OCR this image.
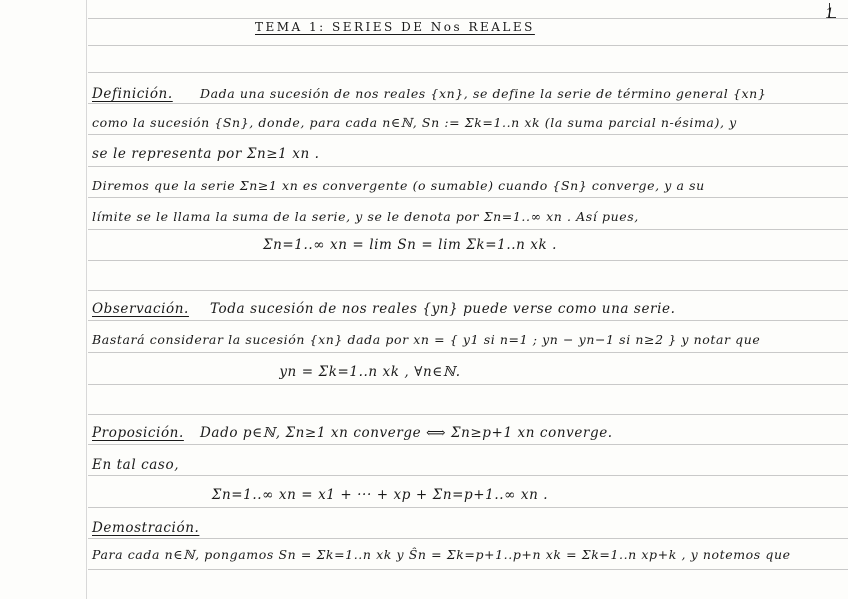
TEMA 1: SERIES DE Nos REALES
1
Definición. Dada una sucesión de nos reales {xn}, se define la serie de término general {xn}
como la sucesión {Sn}, donde, para cada n∈ℕ, Sn := Σk=1..n xk (la suma parcial n-ésima), y
se le representa por Σn≥1 xn .
Diremos que la serie Σn≥1 xn es convergente (o sumable) cuando {Sn} converge, y a su
límite se le llama la suma de la serie, y se le denota por Σn=1..∞ xn . Así pues,
Σn=1..∞ xn = lim Sn = lim Σk=1..n xk .
Observación. Toda sucesión de nos reales {yn} puede verse como una serie.
Bastará considerar la sucesión {xn} dada por xn = { y1 si n=1 ; yn − yn−1 si n≥2 } y notar que
yn = Σk=1..n xk , ∀n∈ℕ.
Proposición. Dado p∈ℕ, Σn≥1 xn converge ⟺ Σn≥p+1 xn converge.
En tal caso,
Σn=1..∞ xn = x1 + ··· + xp + Σn=p+1..∞ xn .
Demostración.
Para cada n∈ℕ, pongamos Sn = Σk=1..n xk y Ŝn = Σk=p+1..p+n xk = Σk=1..n xp+k , y notemos que
